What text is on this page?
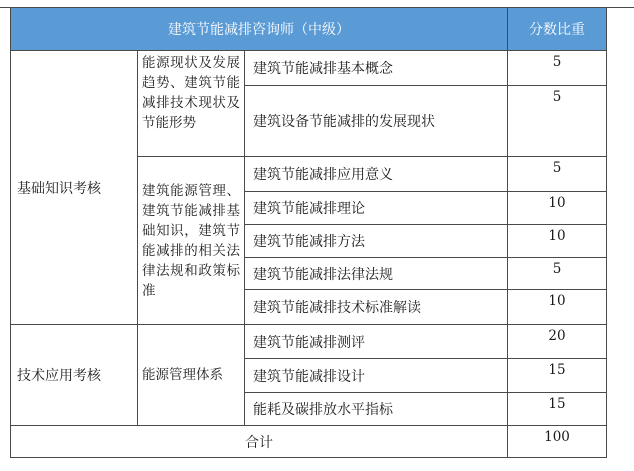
建筑节能减排咨询师（中级）			分数比重
基础知识考核	能源现状及发展趋势、建筑节能减排技术现状及节能形势	建筑节能减排基本概念	5
		建筑设备节能减排的发展现状	5
	建筑能源管理、建筑节能减排基础知识，建筑节能减排的相关法律法规和政策标准	建筑节能减排应用意义	5
		建筑节能减排理论	10
		建筑节能减排方法	10
		建筑节能减排法律法规	5
		建筑节能减排技术标准解读	10
技术应用考核	能源管理体系	建筑节能减排测评	20
		建筑节能减排设计	15
		能耗及碳排放水平指标	15
合计			100
